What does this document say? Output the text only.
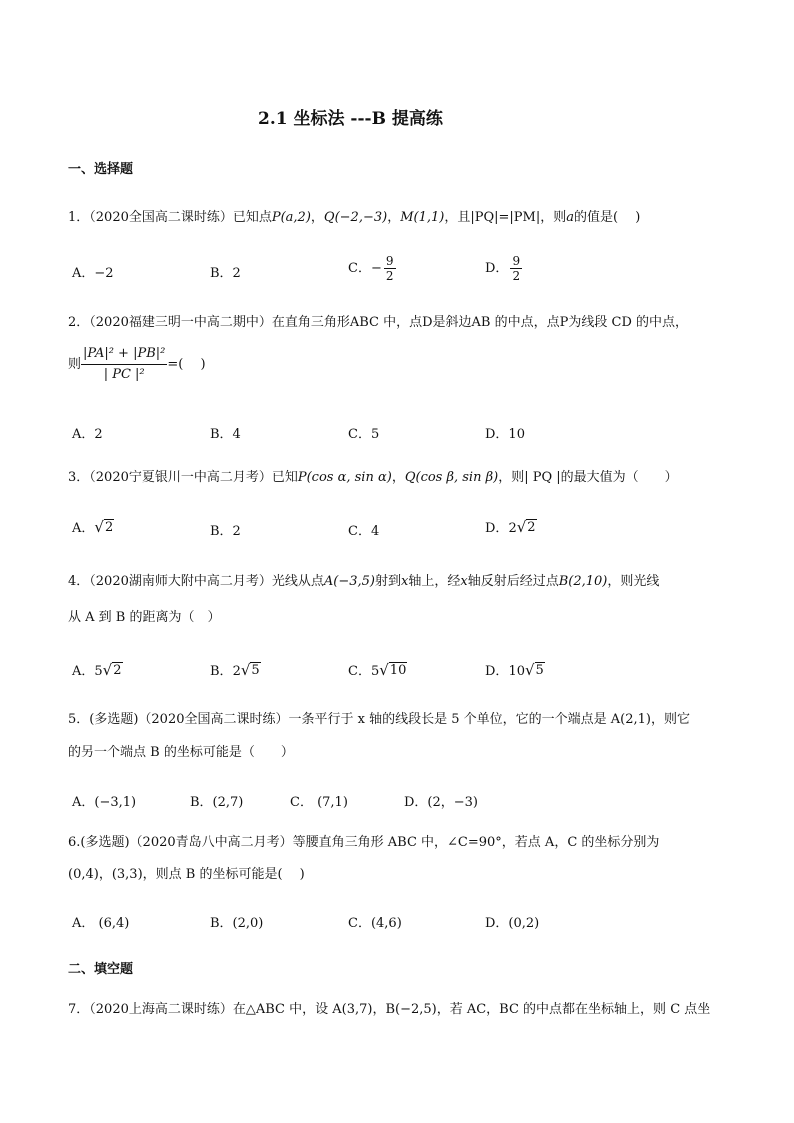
2.1 坐标法 ---B 提高练
一、选择题
1．（2020全国高二课时练）已知点P(a,2)，Q(−2,−3)，M(1,1)，且|PQ|=|PM|，则a的值是(　 )
A．−2	B．2	C．− $\frac{9}{2}$	D． $\frac{9}{2}$
2．（2020福建三明一中高二期中）在直角三角形ABC 中，点D是斜边AB 的中点，点P为线段 CD 的中点，
则 $\frac{\text{|PA|² + |PB|²}}{\text{| PC |²}}$ =(　 )
A．2	B．4	C．5	D．10
3．（2020宁夏银川一中高二月考）已知P(cos α, sin α)，Q(cos β, sin β)，则| PQ |的最大值为（　　）
A． √ 2	B．2	C．4	D．2 √ 2
4．（2020湖南师大附中高二月考）光线从点A(−3,5)射到x轴上，经x轴反射后经过点B(2,10)，则光线
从 A 到 B 的距离为（　）
A．5 √ 2	B．2 √ 5	C．5 √ 10	D．10 √ 5
5．(多选题)（2020全国高二课时练）一条平行于 x 轴的线段长是 5 个单位，它的一个端点是 A(2,1)，则它
的另一个端点 B 的坐标可能是（　　）
A．(−3,1)	B．(2,7)	C． (7,1)	D．(2，−3)
6.(多选题)（2020青岛八中高二月考）等腰直角三角形 ABC 中，∠C=90°，若点 A，C 的坐标分别为
(0,4)，(3,3)，则点 B 的坐标可能是(　 )
A． (6,4)	B．(2,0)	C．(4,6)	D．(0,2)
二、填空题
7．（2020上海高二课时练）在△ABC 中，设 A(3,7)，B(−2,5)，若 AC，BC 的中点都在坐标轴上，则 C 点坐
